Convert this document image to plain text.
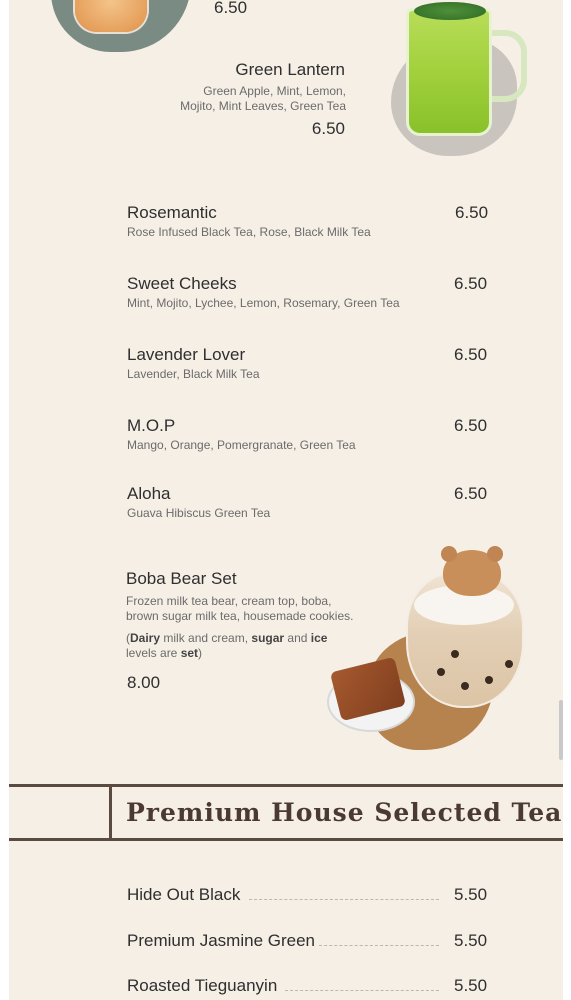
6.50
Green Lantern
Green Apple, Mint, Lemon,
Mojito, Mint Leaves, Green Tea
6.50
Rosemantic
Rose Infused Black Tea, Rose, Black Milk Tea
6.50
Sweet Cheeks
Mint, Mojito, Lychee, Lemon, Rosemary, Green Tea
6.50
Lavender Lover
Lavender, Black Milk Tea
6.50
M.O.P
Mango, Orange, Pomergranate, Green Tea
6.50
Aloha
Guava Hibiscus Green Tea
6.50
Boba Bear Set
Frozen milk tea bear, cream top, boba,
brown sugar milk tea, housemade cookies.
(Dairy milk and cream, sugar and ice
levels are set)
8.00
Premium House Selected Tea
Hide Out Black	5.50
Premium Jasmine Green	5.50
Roasted Tieguanyin	5.50
